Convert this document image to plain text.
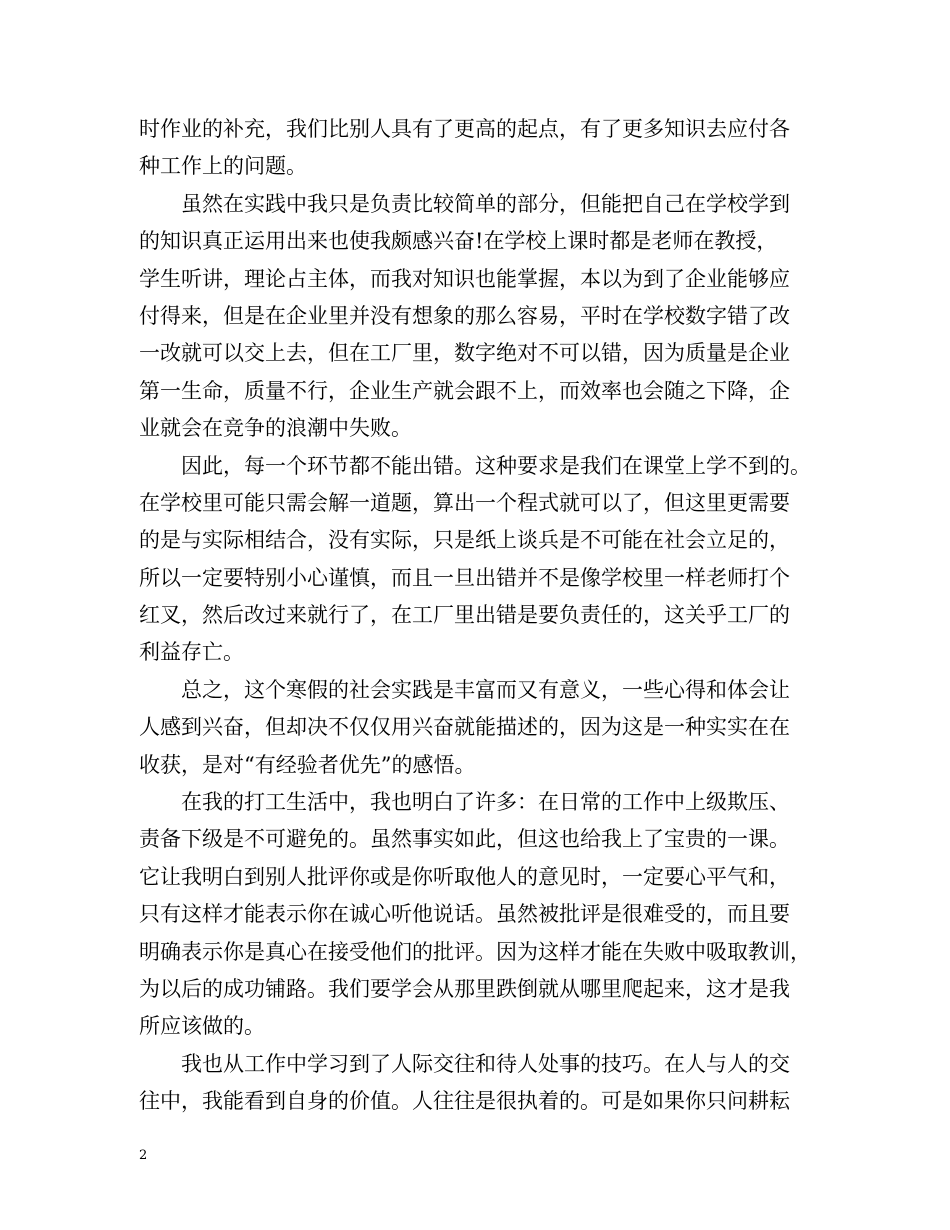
时作业的补充，我们比别人具有了更高的起点，有了更多知识去应付各
种工作上的问题。
　　虽然在实践中我只是负责比较简单的部分，但能把自己在学校学到
的知识真正运用出来也使我颇感兴奋!在学校上课时都是老师在教授，
学生听讲，理论占主体，而我对知识也能掌握，本以为到了企业能够应
付得来，但是在企业里并没有想象的那么容易，平时在学校数字错了改
一改就可以交上去，但在工厂里，数字绝对不可以错，因为质量是企业
第一生命，质量不行，企业生产就会跟不上，而效率也会随之下降，企
业就会在竞争的浪潮中失败。
　　因此，每一个环节都不能出错。这种要求是我们在课堂上学不到的。
在学校里可能只需会解一道题，算出一个程式就可以了，但这里更需要
的是与实际相结合，没有实际，只是纸上谈兵是不可能在社会立足的，
所以一定要特别小心谨慎，而且一旦出错并不是像学校里一样老师打个
红叉，然后改过来就行了，在工厂里出错是要负责任的，这关乎工厂的
利益存亡。
　　总之，这个寒假的社会实践是丰富而又有意义，一些心得和体会让
人感到兴奋，但却决不仅仅用兴奋就能描述的，因为这是一种实实在在
收获，是对“有经验者优先”的感悟。
　　在我的打工生活中，我也明白了许多：在日常的工作中上级欺压、
责备下级是不可避免的。虽然事实如此，但这也给我上了宝贵的一课。
它让我明白到别人批评你或是你听取他人的意见时，一定要心平气和，
只有这样才能表示你在诚心听他说话。虽然被批评是很难受的，而且要
明确表示你是真心在接受他们的批评。因为这样才能在失败中吸取教训，
为以后的成功铺路。我们要学会从那里跌倒就从哪里爬起来，这才是我
所应该做的。
　　我也从工作中学习到了人际交往和待人处事的技巧。在人与人的交
往中，我能看到自身的价值。人往往是很执着的。可是如果你只问耕耘
2
